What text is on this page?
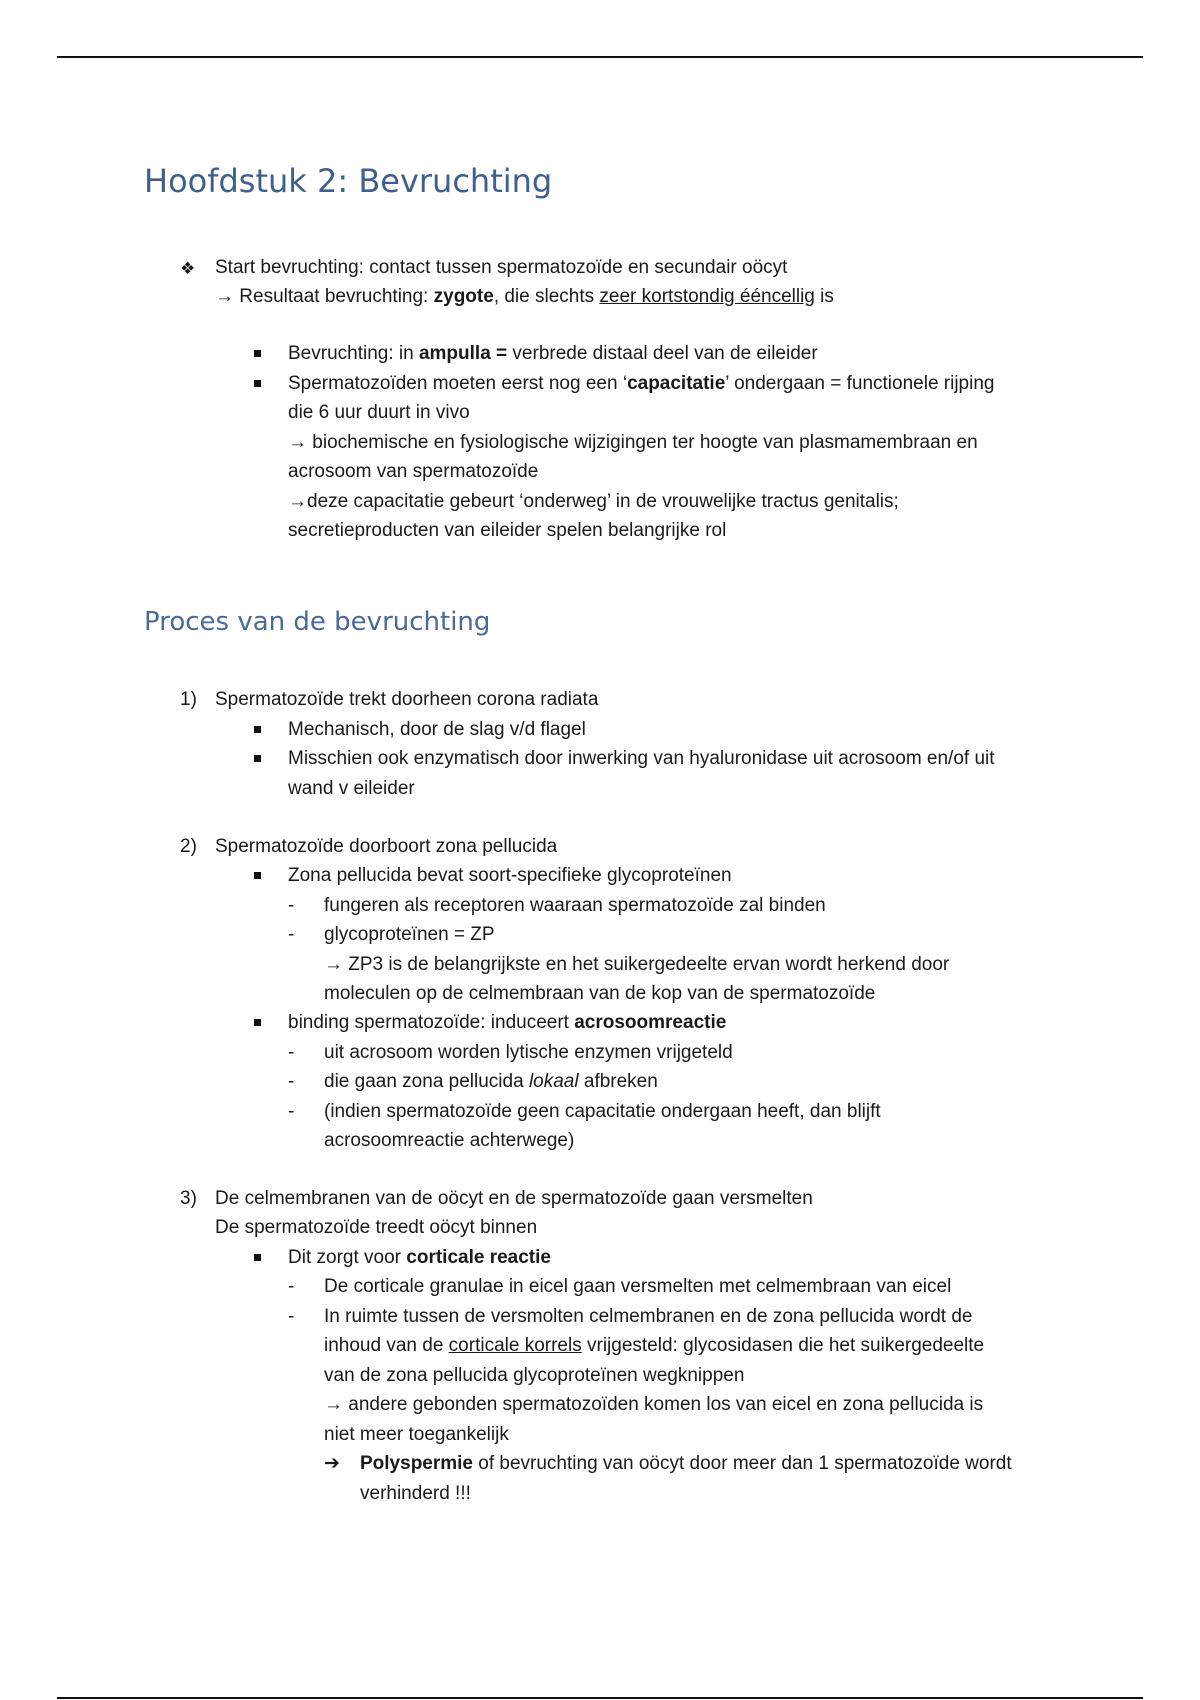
Hoofdstuk 2: Bevruchting
❖ Start bevruchting: contact tussen spermatozoïde en secundair oöcyt
→ Resultaat bevruchting: zygote, die slechts zeer kortstondig ééncellig is
Bevruchting: in ampulla = verbrede distaal deel van de eileider
Spermatozoïden moeten eerst nog een ‘capacitatie’ ondergaan = functionele rijping
die 6 uur duurt in vivo
→ biochemische en fysiologische wijzigingen ter hoogte van plasmamembraan en
acrosoom van spermatozoïde
→deze capacitatie gebeurt ‘onderweg’ in de vrouwelijke tractus genitalis;
secretieproducten van eileider spelen belangrijke rol
Proces van de bevruchting
1) Spermatozoïde trekt doorheen corona radiata
Mechanisch, door de slag v/d flagel
Misschien ook enzymatisch door inwerking van hyaluronidase uit acrosoom en/of uit
wand v eileider
2) Spermatozoïde doorboort zona pellucida
Zona pellucida bevat soort-specifieke glycoproteïnen
- fungeren als receptoren waaraan spermatozoïde zal binden
- glycoproteïnen = ZP
→ ZP3 is de belangrijkste en het suikergedeelte ervan wordt herkend door
moleculen op de celmembraan van de kop van de spermatozoïde
binding spermatozoïde: induceert acrosoomreactie
- uit acrosoom worden lytische enzymen vrijgeteld
- die gaan zona pellucida lokaal afbreken
- (indien spermatozoïde geen capacitatie ondergaan heeft, dan blijft
acrosoomreactie achterwege)
3) De celmembranen van de oöcyt en de spermatozoïde gaan versmelten
De spermatozoïde treedt oöcyt binnen
Dit zorgt voor corticale reactie
- De corticale granulae in eicel gaan versmelten met celmembraan van eicel
- In ruimte tussen de versmolten celmembranen en de zona pellucida wordt de
inhoud van de corticale korrels vrijgesteld: glycosidasen die het suikergedeelte
van de zona pellucida glycoproteïnen wegknippen
→ andere gebonden spermatozoïden komen los van eicel en zona pellucida is
niet meer toegankelijk
➔ Polyspermie of bevruchting van oöcyt door meer dan 1 spermatozoïde wordt
verhinderd !!!
